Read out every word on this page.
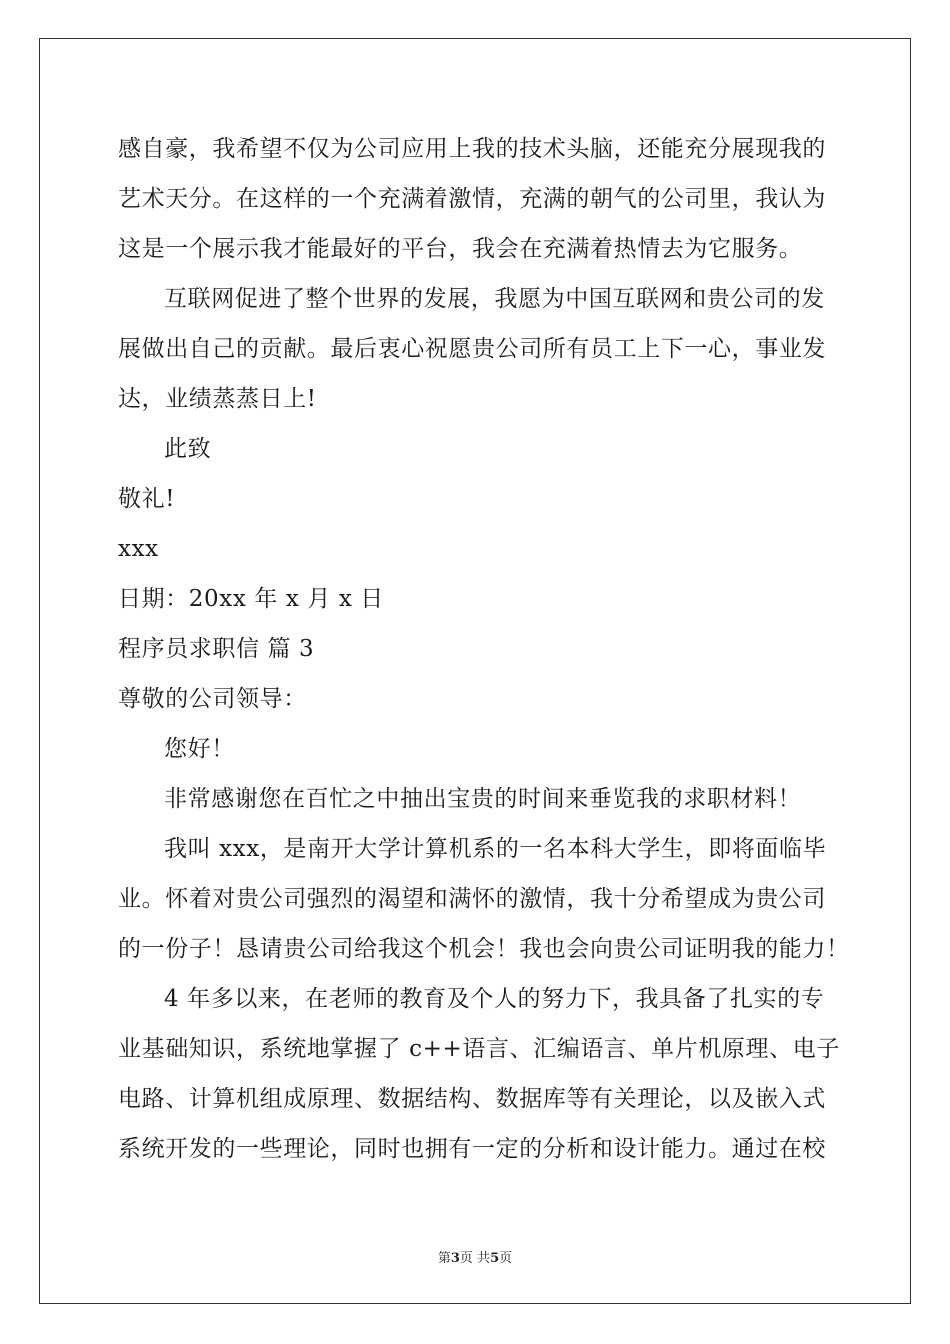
感自豪，我希望不仅为公司应用上我的技术头脑，还能充分展现我的
艺术天分。在这样的一个充满着激情，充满的朝气的公司里，我认为
这是一个展示我才能最好的平台，我会在充满着热情去为它服务。
互联网促进了整个世界的发展，我愿为中国互联网和贵公司的发
展做出自己的贡献。最后衷心祝愿贵公司所有员工上下一心，事业发
达，业绩蒸蒸日上!
此致
敬礼!
xxx
日期：20xx 年 x 月 x 日
程序员求职信 篇 3
尊敬的公司领导：
您好！
非常感谢您在百忙之中抽出宝贵的时间来垂览我的求职材料！
我叫 xxx，是南开大学计算机系的一名本科大学生，即将面临毕
业。怀着对贵公司强烈的渴望和满怀的激情，我十分希望成为贵公司
的一份子！恳请贵公司给我这个机会！我也会向贵公司证明我的能力！
4 年多以来，在老师的教育及个人的努力下，我具备了扎实的专
业基础知识，系统地掌握了 c++语言、汇编语言、单片机原理、电子
电路、计算机组成原理、数据结构、数据库等有关理论，以及嵌入式
系统开发的一些理论，同时也拥有一定的分析和设计能力。通过在校
第3页 共5页
